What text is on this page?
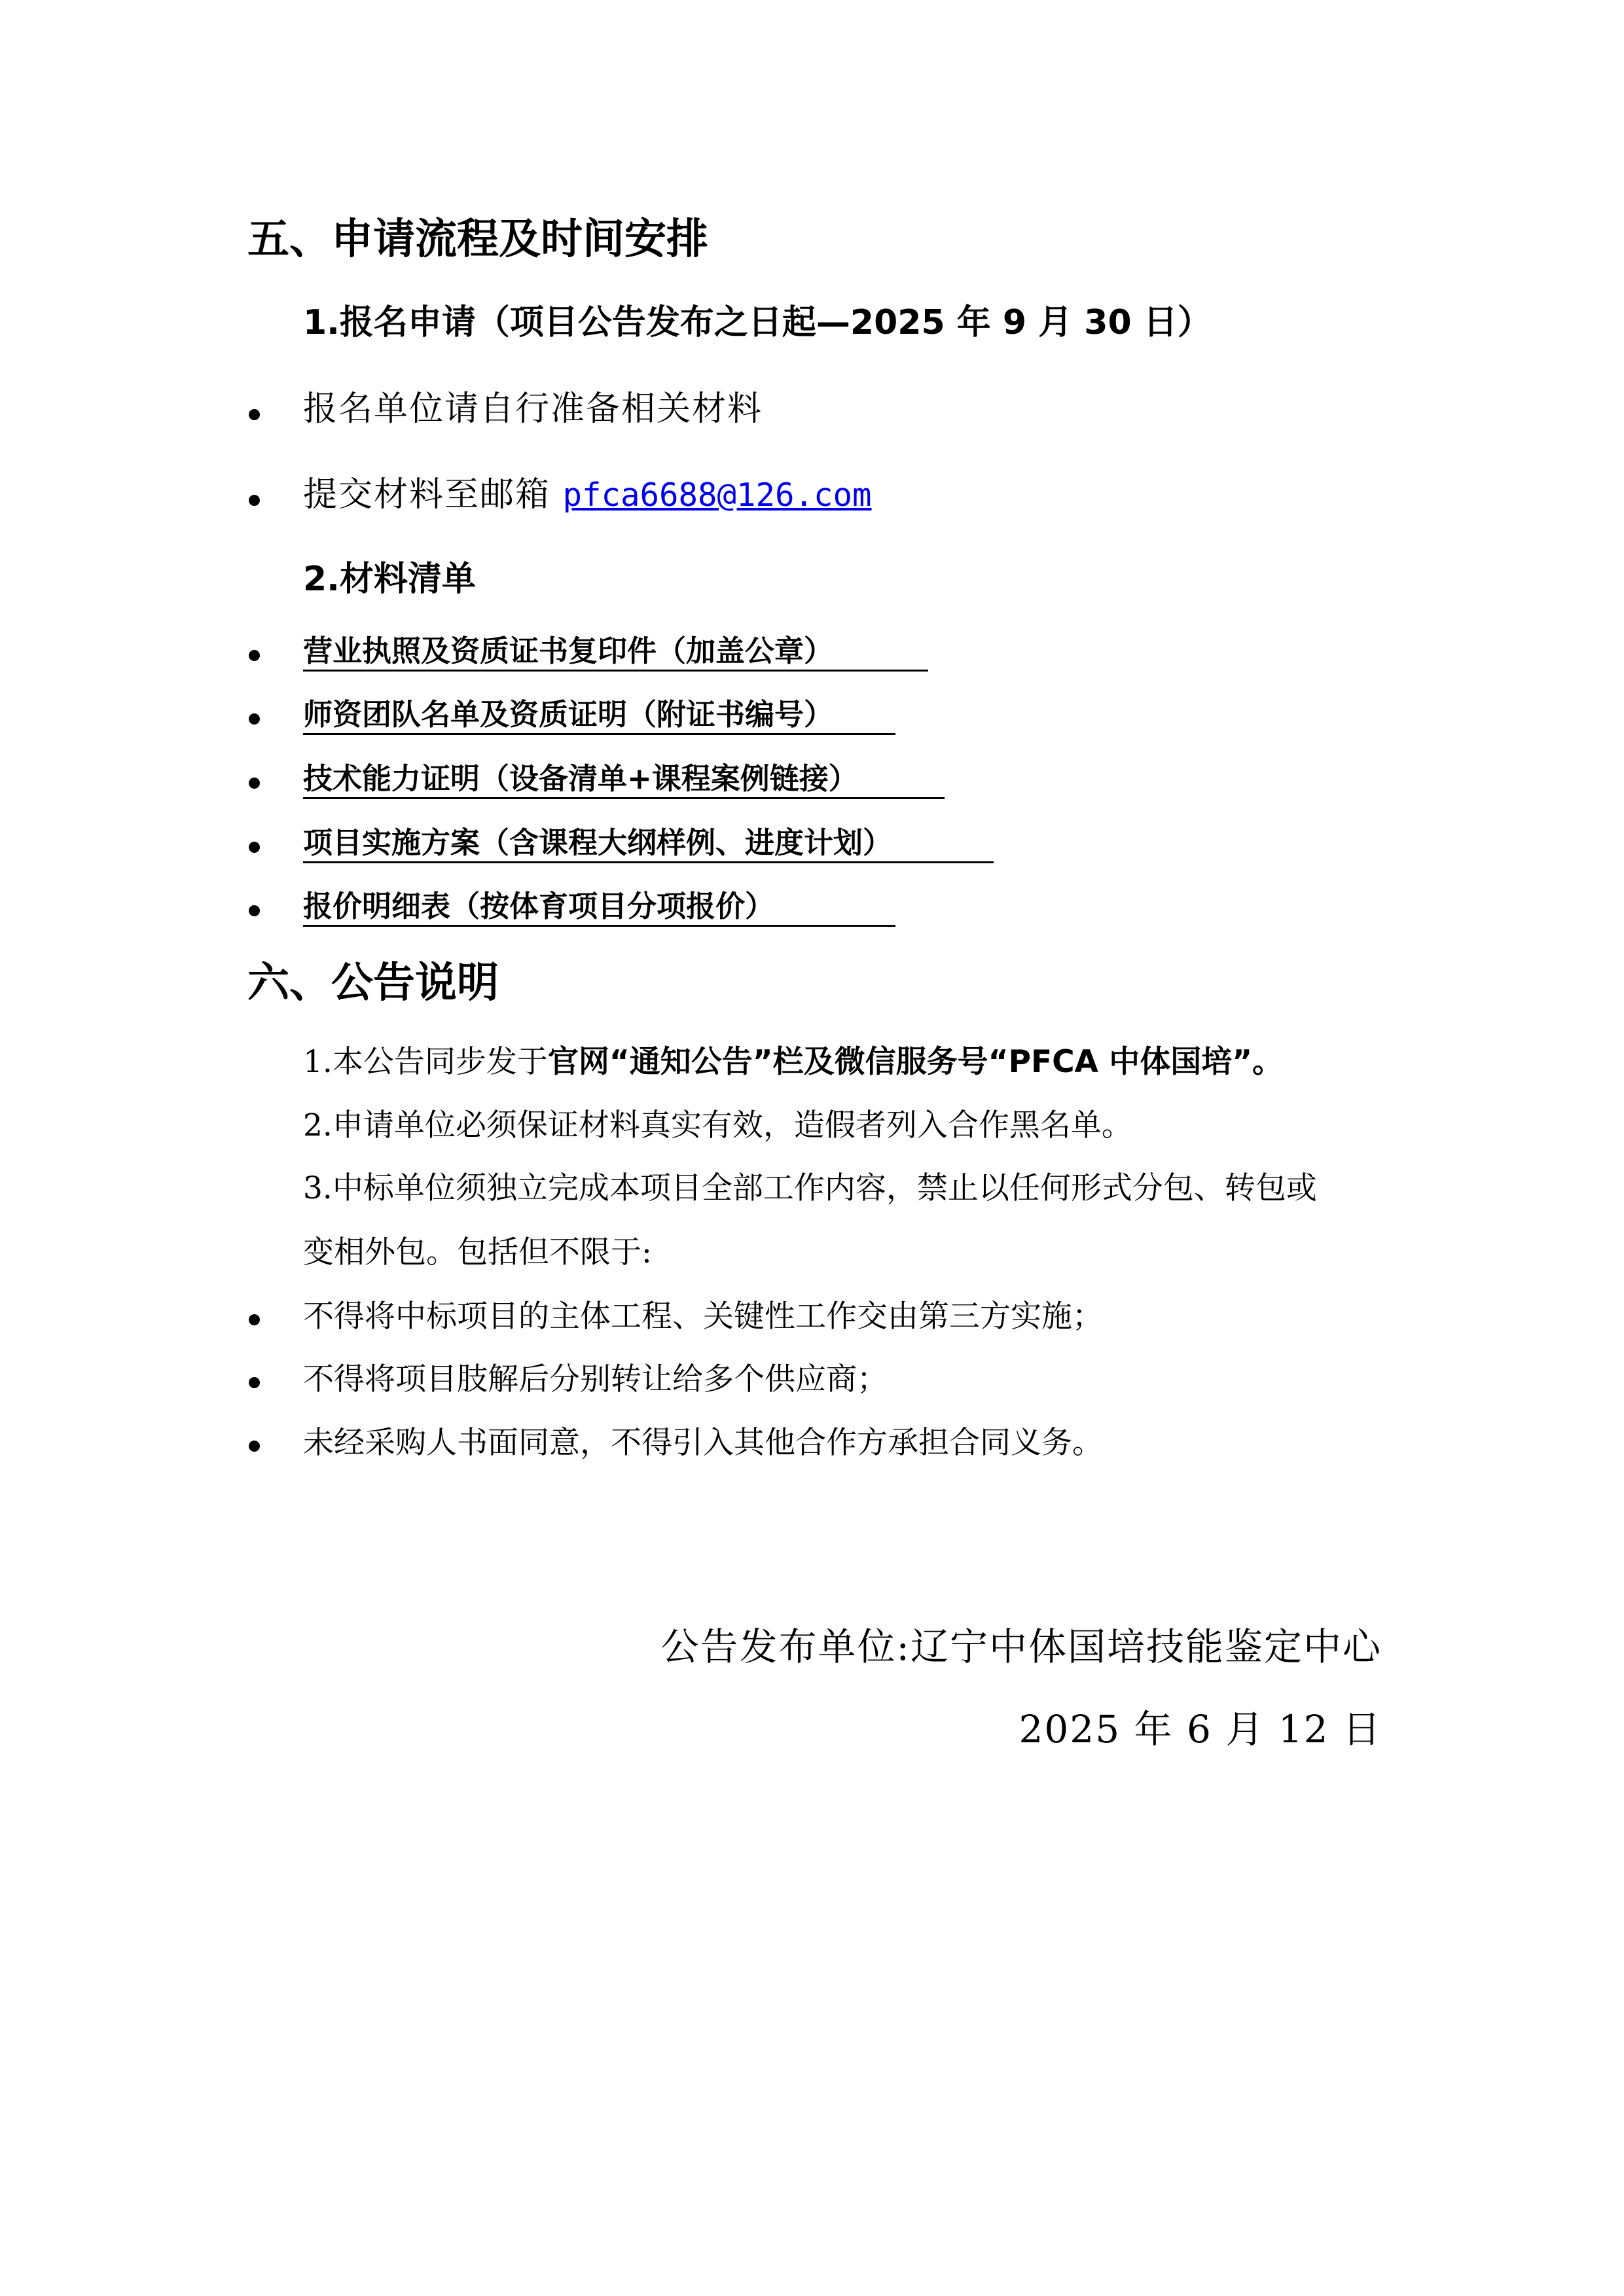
五、申请流程及时间安排
1.报名申请（项目公告发布之日起—2025 年 9 月 30 日）
报名单位请自行准备相关材料
提交材料至邮箱 pfca6688@126.com
2.材料清单
营业执照及资质证书复印件（加盖公章）
师资团队名单及资质证明（附证书编号）
技术能力证明（设备清单+课程案例链接）
项目实施方案（含课程大纲样例、进度计划）
报价明细表（按体育项目分项报价）
六、公告说明
1.本公告同步发于官网“通知公告”栏及微信服务号“PFCA 中体国培”。
2.申请单位必须保证材料真实有效，造假者列入合作黑名单。
3.中标单位须独立完成本项目全部工作内容，禁止以任何形式分包、转包或
变相外包。包括但不限于:
不得将中标项目的主体工程、关键性工作交由第三方实施；
不得将项目肢解后分别转让给多个供应商；
未经采购人书面同意，不得引入其他合作方承担合同义务。
公告发布单位:辽宁中体国培技能鉴定中心
2025 年 6 月 12 日
